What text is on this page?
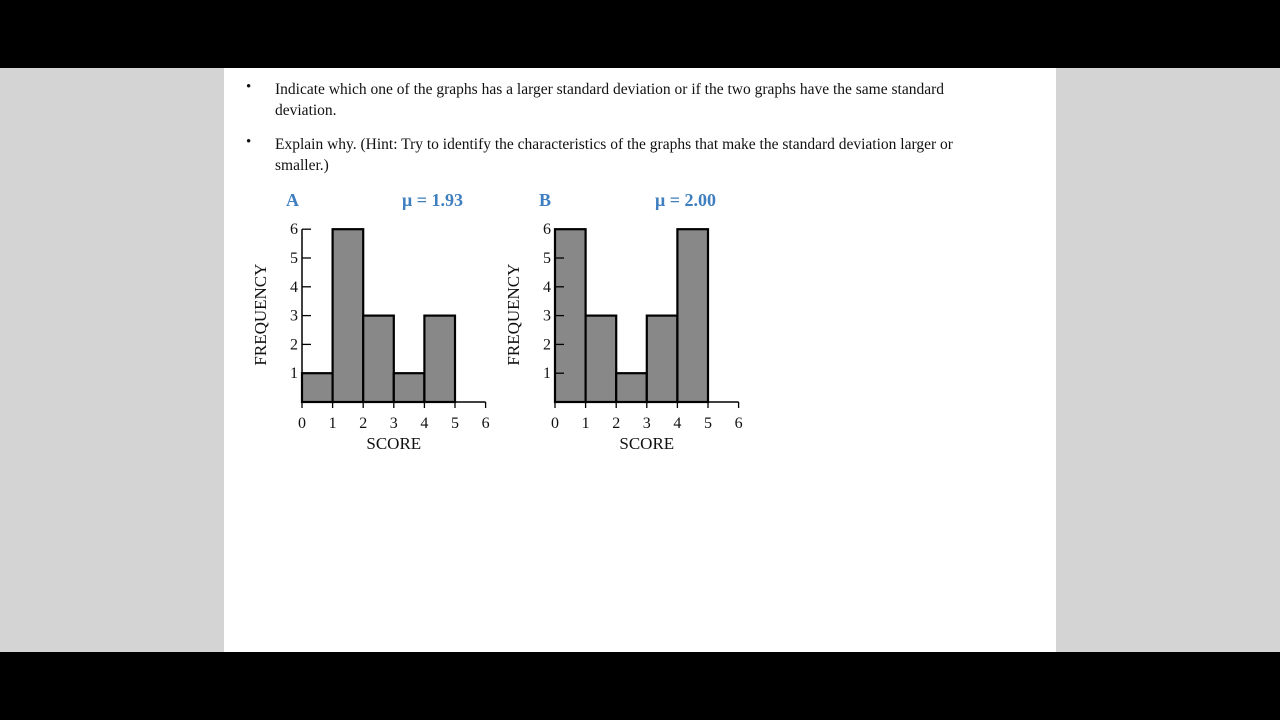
• Indicate which one of the graphs has a larger standard deviation or if the two graphs have the same standard deviation.
• Explain why. (Hint: Try to identify the characteristics of the graphs that make the standard deviation larger or smaller.)
A	μ = 1.93
0 1 2 3 4 5 6
1
2
3
4
5
6
SCORE
FREQUENCY
B	μ = 2.00
0 1 2 3 4 5 6
1
2
3
4
5
6
SCORE
FREQUENCY
